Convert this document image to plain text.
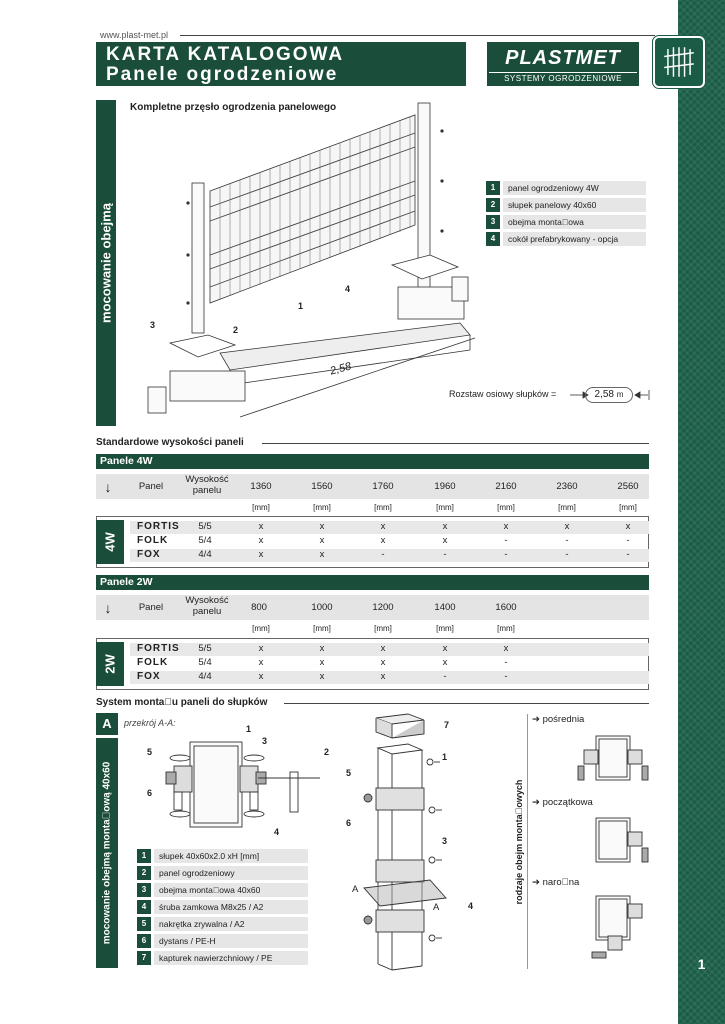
1
www.plast-met.pl
KARTA KATALOGOWA
Panele ogrodzeniowe
PLASTMET
SYSTEMY OGRODZENIOWE
mocowanie obejmą
Kompletne przęsło ogrodzenia panelowego
1
2
3
4
2,58
1	panel ogrodzeniowy 4W
2	słupek panelowy 40x60
3	obejma monta owa
4	cokół prefabrykowany - opcja
Rozstaw osiowy słupków =	2,58 m
Standardowe wysokości paneli
Panele 4W
↓	Panel
Wysokość
panelu	1360	1560	1760	1960	2160	2360	2560
[mm]	[mm]	[mm]	[mm]	[mm]	[mm]	[mm]
4W
FORTIS	5/5	x	x	x	x	x	x	x
FOLK	5/4	x	x	x	x	-	-	-
FOX	4/4	x	x	-	-	-	-	-
Panele 2W
↓	Panel
Wysokość
panelu	800	1000	1200	1400	1600
[mm]	[mm]	[mm]	[mm]	[mm]
2W
FORTIS	5/5	x	x	x	x	x
FOLK	5/4	x	x	x	x	-
FOX	4/4	x	x	x	-	-
System monta u paneli do słupków
A	przekrój A-A:
mocowanie obejmą monta ową 40x60
1
2
3
4
5
6
1	słupek 40x60x2.0 xH [mm]
2	panel ogrodzeniowy
3	obejma monta owa 40x60
4	śruba zamkowa M8x25 / A2
5	nakrętka zrywalna / A2
6	dystans / PE-H
7	kapturek nawierzchniowy / PE
7
1
5
6
3
4
A
A
rodzaje obejm monta owych
➔ pośrednia
➔ początkowa
➔ naro na
